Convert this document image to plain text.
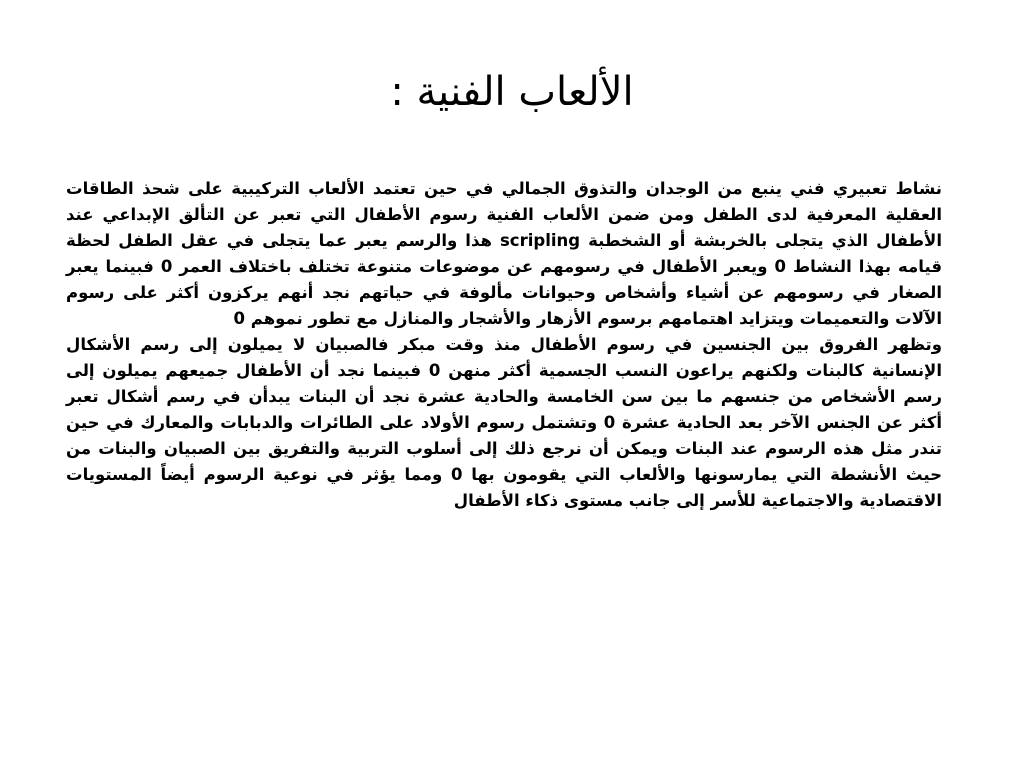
الألعاب الفنية :

نشاط تعبيري فني ينبع من الوجدان والتذوق الجمالي في حين تعتمد الألعاب التركيبية على شحذ الطاقات العقلية المعرفية لدى الطفل ومن ضمن الألعاب الفنية رسوم الأطفال التي تعبر عن التألق الإبداعي عند الأطفال الذي يتجلى بالخربشة أو الشخطبة scripling هذا والرسم يعبر عما يتجلى في عقل الطفل لحظة قيامه بهذا النشاط 0 ويعبر الأطفال في رسومهم عن موضوعات متنوعة تختلف باختلاف العمر 0 فبينما يعبر الصغار في رسومهم عن أشياء وأشخاص وحيوانات مألوفة في حياتهم نجد أنهم يركزون أكثر على رسوم الآلات والتعميمات ويتزايد اهتمامهم برسوم الأزهار والأشجار والمنازل مع تطور نموهم 0

وتظهر الفروق بين الجنسين في رسوم الأطفال منذ وقت مبكر فالصبيان لا يميلون إلى رسم الأشكال الإنسانية كالبنات ولكنهم يراعون النسب الجسمية أكثر منهن 0 فبينما نجد أن الأطفال جميعهم يميلون إلى رسم الأشخاص من جنسهم ما بين سن الخامسة والحادية عشرة نجد أن البنات يبدأن في رسم أشكال تعبر أكثر عن الجنس الآخر بعد الحادية عشرة 0 وتشتمل رسوم الأولاد على الطائرات والدبابات والمعارك في حين تندر مثل هذه الرسوم عند البنات ويمكن أن نرجع ذلك إلى أسلوب التربية والتفريق بين الصبيان والبنات من حيث الأنشطة التي يمارسونها والألعاب التي يقومون بها 0 ومما يؤثر في نوعية الرسوم أيضاً المستويات الاقتصادية والاجتماعية للأسر إلى جانب مستوى ذكاء الأطفال
